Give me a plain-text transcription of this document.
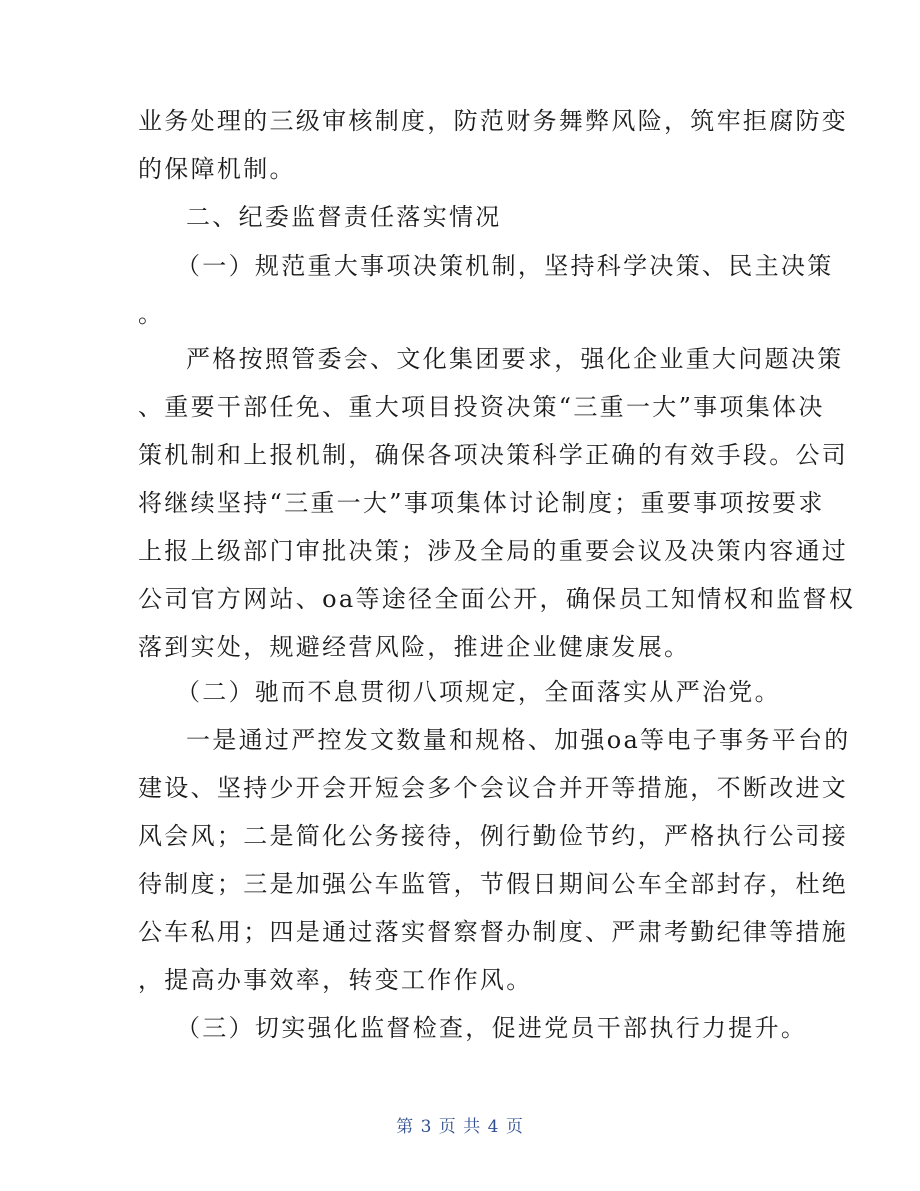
业务处理的三级审核制度，防范财务舞弊风险，筑牢拒腐防变
的保障机制。
二、纪委监督责任落实情况
（一）规范重大事项决策机制，坚持科学决策、民主决策
。
严格按照管委会、文化集团要求，强化企业重大问题决策
、重要干部任免、重大项目投资决策“三重一大”事项集体决
策机制和上报机制，确保各项决策科学正确的有效手段。公司
将继续坚持“三重一大”事项集体讨论制度；重要事项按要求
上报上级部门审批决策；涉及全局的重要会议及决策内容通过
公司官方网站、oa等途径全面公开，确保员工知情权和监督权
落到实处，规避经营风险，推进企业健康发展。
（二）驰而不息贯彻八项规定，全面落实从严治党。
一是通过严控发文数量和规格、加强oa等电子事务平台的
建设、坚持少开会开短会多个会议合并开等措施，不断改进文
风会风；二是简化公务接待，例行勤俭节约，严格执行公司接
待制度；三是加强公车监管，节假日期间公车全部封存，杜绝
公车私用；四是通过落实督察督办制度、严肃考勤纪律等措施
，提高办事效率，转变工作作风。
（三）切实强化监督检查，促进党员干部执行力提升。
第 3 页 共 4 页
